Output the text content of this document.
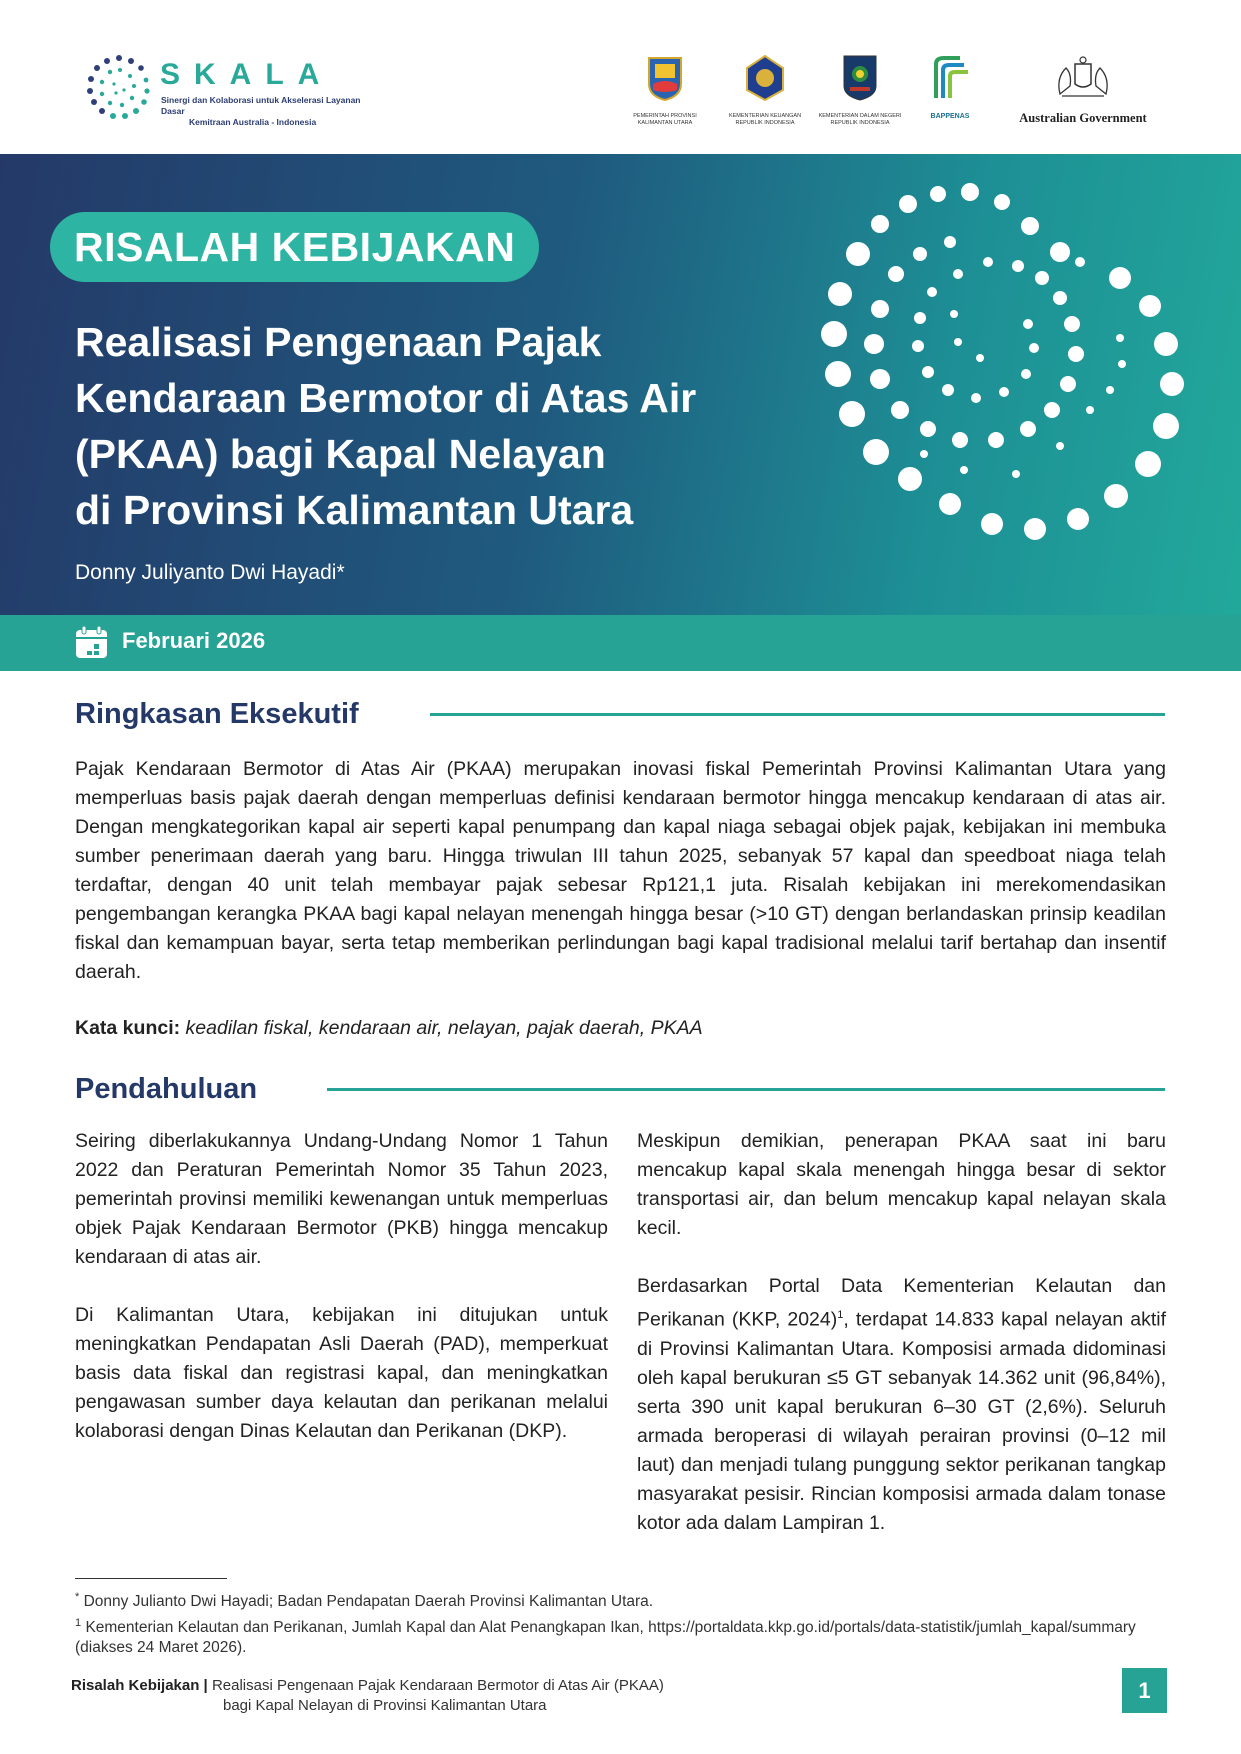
SKALA
Sinergi dan Kolaborasi untuk Akselerasi Layanan Dasar
Kemitraan Australia - Indonesia
PEMERINTAH PROVINSI KALIMANTAN UTARA
KEMENTERIAN KEUANGAN REPUBLIK INDONESIA
KEMENTERIAN DALAM NEGERI REPUBLIK INDONESIA
BAPPENAS	Australian Government
RISALAH KEBIJAKAN
Realisasi Pengenaan Pajak
Kendaraan Bermotor di Atas Air
(PKAA) bagi Kapal Nelayan
di Provinsi Kalimantan Utara
Donny Juliyanto Dwi Hayadi*
Februari 2026
Ringkasan Eksekutif

Pajak Kendaraan Bermotor di Atas Air (PKAA) merupakan inovasi fiskal Pemerintah Provinsi Kalimantan Utara yang memperluas basis pajak daerah dengan memperluas definisi kendaraan bermotor hingga mencakup kendaraan di atas air. Dengan mengkategorikan kapal air seperti kapal penumpang dan kapal niaga sebagai objek pajak, kebijakan ini membuka sumber penerimaan daerah yang baru. Hingga triwulan III tahun 2025, sebanyak 57 kapal dan speedboat niaga telah terdaftar, dengan 40 unit telah membayar pajak sebesar Rp121,1 juta. Risalah kebijakan ini merekomendasikan pengembangan kerangka PKAA bagi kapal nelayan menengah hingga besar (>10 GT) dengan berlandaskan prinsip keadilan fiskal dan kemampuan bayar, serta tetap memberikan perlindungan bagi kapal tradisional melalui tarif bertahap dan insentif daerah.

Kata kunci: keadilan fiskal, kendaraan air, nelayan, pajak daerah, PKAA
Pendahuluan

Seiring diberlakukannya Undang-Undang Nomor 1 Tahun 2022 dan Peraturan Pemerintah Nomor 35 Tahun 2023, pemerintah provinsi memiliki kewenangan untuk memperluas objek Pajak Kendaraan Bermotor (PKB) hingga mencakup kendaraan di atas air.

Di Kalimantan Utara, kebijakan ini ditujukan untuk meningkatkan Pendapatan Asli Daerah (PAD), memperkuat basis data fiskal dan registrasi kapal, dan meningkatkan pengawasan sumber daya kelautan dan perikanan melalui kolaborasi dengan Dinas Kelautan dan Perikanan (DKP).

Meskipun demikian, penerapan PKAA saat ini baru mencakup kapal skala menengah hingga besar di sektor transportasi air, dan belum mencakup kapal nelayan skala kecil.

Berdasarkan Portal Data Kementerian Kelautan dan Perikanan (KKP, 2024)$^1$, terdapat 14.833 kapal nelayan aktif di Provinsi Kalimantan Utara. Komposisi armada didominasi oleh kapal berukuran ≤5 GT sebanyak 14.362 unit (96,84%), serta 390 unit kapal berukuran 6–30 GT (2,6%). Seluruh armada beroperasi di wilayah perairan provinsi (0–12 mil laut) dan menjadi tulang punggung sektor perikanan tangkap masyarakat pesisir. Rincian komposisi armada dalam tonase kotor ada dalam Lampiran 1.

* Donny Julianto Dwi Hayadi; Badan Pendapatan Daerah Provinsi Kalimantan Utara.
$^1$ Kementerian Kelautan dan Perikanan, Jumlah Kapal dan Alat Penangkapan Ikan, https://portaldata.kkp.go.id/portals/data-statistik/jumlah_kapal/summary (diakses 24 Maret 2026).
Risalah Kebijakan | Realisasi Pengenaan Pajak Kendaraan Bermotor di Atas Air (PKAA)
bagi Kapal Nelayan di Provinsi Kalimantan Utara
1
